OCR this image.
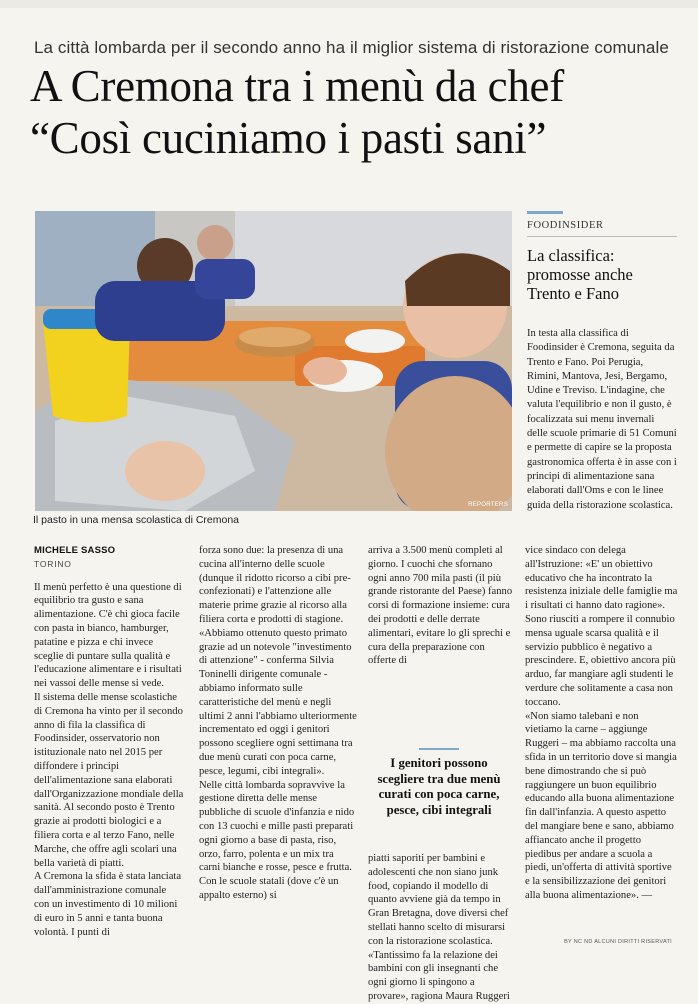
La città lombarda per il secondo anno ha il miglior sistema di ristorazione comunale
A Cremona tra i menù da chef
“Così cuciniamo i pasti sani”
REPORTERS
Il pasto in una mensa scolastica di Cremona
FOODINSIDER
La classifica: promosse anche Trento e Fano
In testa alla classifica di Foodinsider è Cremona, seguita da Trento e Fano. Poi Perugia, Rimini, Mantova, Jesi, Bergamo, Udine e Treviso. L'indagine, che valuta l'equilibrio e non il gusto, è focalizzata sui menu invernali delle scuole primarie di 51 Comuni e permette di capire se la proposta gastronomica offerta è in asse con i principi di alimentazione sana elaborati dall'Oms e con le linee guida della ristorazione scolastica.
MICHELE SASSO
TORINO

Il menù perfetto è una questione di equilibrio tra gusto e sana alimentazione. C'è chi gioca facile con pasta in bianco, hamburger, patatine e pizza e chi invece sceglie di puntare sulla qualità e l'educazione alimentare e i risultati nei vassoi delle mense si vede.

Il sistema delle mense scolastiche di Cremona ha vinto per il secondo anno di fila la classifica di Foodinsider, osservatorio non istituzionale nato nel 2015 per diffondere i principi dell'alimentazione sana elaborati dall'Organizzazione mondiale della sanità. Al secondo posto è Trento grazie ai prodotti biologici e a filiera corta e al terzo Fano, nelle Marche, che offre agli scolari una bella varietà di piatti.

A Cremona la sfida è stata lanciata dall'amministrazione comunale con un investimento di 10 milioni di euro in 5 anni e tanta buona volontà. I punti di

forza sono due: la presenza di una cucina all'interno delle scuole (dunque il ridotto ricorso a cibi pre-confezionati) e l'attenzione alle materie prime grazie al ricorso alla filiera corta e prodotti di stagione.

«Abbiamo ottenuto questo primato grazie ad un notevole "investimento di attenzione" - conferma Silvia Toninelli dirigente comunale - abbiamo informato sulle caratteristiche del menù e negli ultimi 2 anni l'abbiamo ulteriormente incrementato ed oggi i genitori possono scegliere ogni settimana tra due menù curati con poca carne, pesce, legumi, cibi integrali».

Nelle città lombarda sopravvive la gestione diretta delle mense pubbliche di scuole d'infanzia e nido con 13 cuochi e mille pasti preparati ogni giorno a base di pasta, riso, orzo, farro, polenta e un mix tra carni bianche e rosse, pesce e frutta. Con le scuole statali (dove c'è un appalto esterno) si

arriva a 3.500 menù completi al giorno. I cuochi che sfornano ogni anno 700 mila pasti (il più grande ristorante del Paese) fanno corsi di formazione insieme: cura dei prodotti e delle derrate alimentari, evitare lo gli sprechi e cura della preparazione con offerte di

I genitori possono scegliere tra due menù curati con poca carne, pesce, cibi integrali

piatti saporiti per bambini e adolescenti che non siano junk food, copiando il modello di quanto avviene già da tempo in Gran Bretagna, dove diversi chef stellati hanno scelto di misurarsi con la ristorazione scolastica.

«Tantissimo fa la relazione dei bambini con gli insegnanti che ogni giorno li spingono a provare», ragiona Maura Ruggeri

vice sindaco con delega all'Istruzione: «E' un obiettivo educativo che ha incontrato la resistenza iniziale delle famiglie ma i risultati ci hanno dato ragione». Sono riusciti a rompere il connubio mensa uguale scarsa qualità e il servizio pubblico è negativo a prescindere. E, obiettivo ancora più arduo, far mangiare agli studenti le verdure che solitamente a casa non toccano.

«Non siamo talebani e non vietiamo la carne – aggiunge Ruggeri – ma abbiamo raccolta una sfida in un territorio dove si mangia bene dimostrando che si può raggiungere un buon equilibrio educando alla buona alimentazione fin dall'infanzia. A questo aspetto del mangiare bene e sano, abbiamo affiancato anche il progetto piedibus per andare a scuola a piedi, un'offerta di attività sportive e la sensibilizzazione dei genitori alla buona alimentazione». —

BY NC ND ALCUNI DIRITTI RISERVATI
